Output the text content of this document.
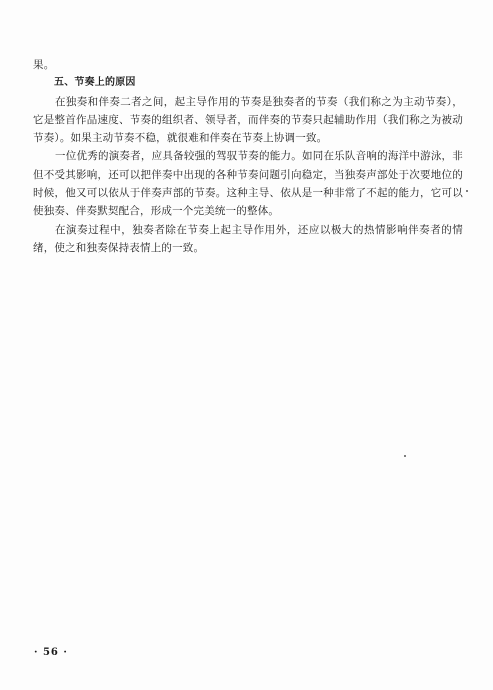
果。

五、节奏上的原因

在独奏和伴奏二者之间，起主导作用的节奏是独奏者的节奏（我们称之为主动节奏），它是整首作品速度、节奏的组织者、领导者，而伴奏的节奏只起辅助作用（我们称之为被动节奏）。如果主动节奏不稳，就很难和伴奏在节奏上协调一致。

一位优秀的演奏者，应具备较强的驾驭节奏的能力。如同在乐队音响的海洋中游泳，非但不受其影响，还可以把伴奏中出现的各种节奏问题引向稳定，当独奏声部处于次要地位的时候，他又可以依从于伴奏声部的节奏。这种主导、依从是一种非常了不起的能力，它可以使独奏、伴奏默契配合，形成一个完美统一的整体。

在演奏过程中，独奏者除在节奏上起主导作用外，还应以极大的热情影响伴奏者的情绪，使之和独奏保持表情上的一致。

· 56 ·
